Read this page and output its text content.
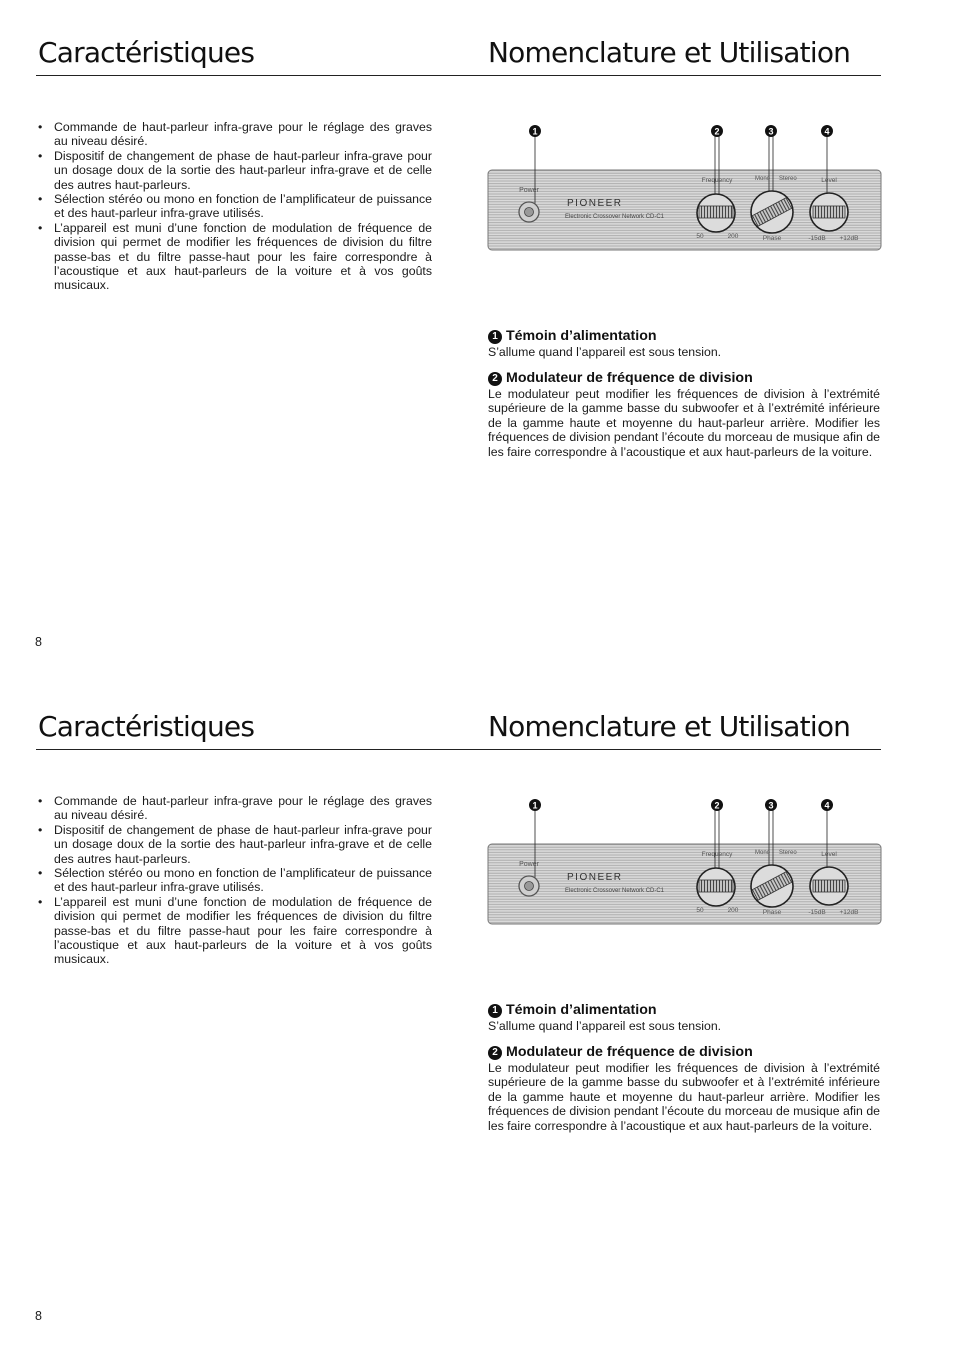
Caractéristiques	Nomenclature et Utilisation
• Commande de haut-parleur infra-grave pour le réglage des graves au niveau désiré.
• Dispositif de changement de phase de haut-parleur infra-grave pour un dosage doux de la sortie des haut-parleur infra-grave et de celle des autres haut-parleurs.
• Sélection stéréo ou mono en fonction de l’amplificateur de puissance et des haut-parleur infra-grave utilisés.
• L’appareil est muni d’une fonction de modulation de fréquence de division qui permet de modifier les fréquences de division du filtre passe-bas et du filtre passe-haut pour les faire correspondre à l’acoustique et aux haut-parleurs de la voiture et à vos goûts musicaux.
1	2	3	4
Power
PIONEER
Electronic Crossover Network CD-C1
Frequency
50	200
Mono Stereo
Phase
Level
-15dB +12dB
1 Témoin d’alimentation

S’allume quand l’appareil est sous tension.

2 Modulateur de fréquence de division

Le modulateur peut modifier les fréquences de division à l’extrémité supérieure de la gamme basse du subwoofer et à l’extrémité inférieure de la gamme haute et moyenne du haut-parleur arrière. Modifier les fréquences de division pendant l’écoute du morceau de musique afin de les faire correspondre à l’acoustique et aux haut-parleurs de la voiture.

8
Caractéristiques	Nomenclature et Utilisation
• Commande de haut-parleur infra-grave pour le réglage des graves au niveau désiré.
• Dispositif de changement de phase de haut-parleur infra-grave pour un dosage doux de la sortie des haut-parleur infra-grave et de celle des autres haut-parleurs.
• Sélection stéréo ou mono en fonction de l’amplificateur de puissance et des haut-parleur infra-grave utilisés.
• L’appareil est muni d’une fonction de modulation de fréquence de division qui permet de modifier les fréquences de division du filtre passe-bas et du filtre passe-haut pour les faire correspondre à l’acoustique et aux haut-parleurs de la voiture et à vos goûts musicaux.
1	2	3	4
Power
PIONEER
Electronic Crossover Network CD-C1
Frequency
50	200
Mono Stereo
Phase
Level
-15dB +12dB
1 Témoin d’alimentation

S’allume quand l’appareil est sous tension.

2 Modulateur de fréquence de division

Le modulateur peut modifier les fréquences de division à l’extrémité supérieure de la gamme basse du subwoofer et à l’extrémité inférieure de la gamme haute et moyenne du haut-parleur arrière. Modifier les fréquences de division pendant l’écoute du morceau de musique afin de les faire correspondre à l’acoustique et aux haut-parleurs de la voiture.

8
